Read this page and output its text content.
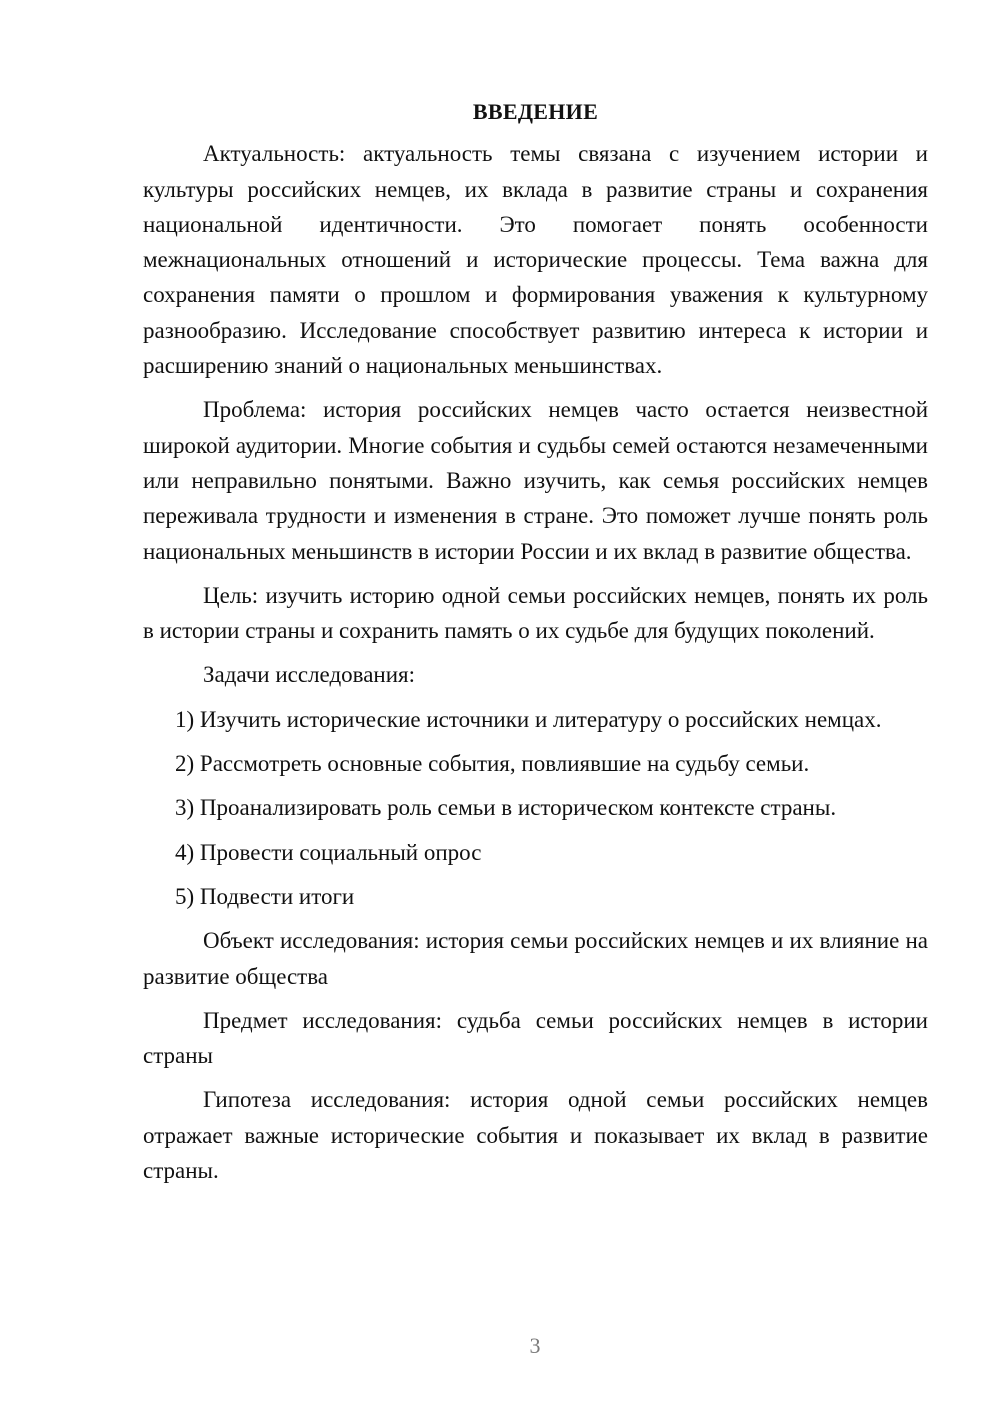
ВВЕДЕНИЕ

Актуальность: актуальность темы связана с изучением истории и культуры российских немцев, их вклада в развитие страны и сохранения национальной идентичности. Это помогает понять особенности межнациональных отношений и исторические процессы. Тема важна для сохранения памяти о прошлом и формирования уважения к культурному разнообразию. Исследование способствует развитию интереса к истории и расширению знаний о национальных меньшинствах.

Проблема: история российских немцев часто остается неизвестной широкой аудитории. Многие события и судьбы семей остаются незамеченными или неправильно понятыми. Важно изучить, как семья российских немцев переживала трудности и изменения в стране. Это поможет лучше понять роль национальных меньшинств в истории России и их вклад в развитие общества.

Цель: изучить историю одной семьи российских немцев, понять их роль в истории страны и сохранить память о их судьбе для будущих поколений.

Задачи исследования:

1) Изучить исторические источники и литературу о российских немцах.

2) Рассмотреть основные события, повлиявшие на судьбу семьи.

3) Проанализировать роль семьи в историческом контексте страны.

4) Провести социальный опрос

5) Подвести итоги

Объект исследования: история семьи российских немцев и их влияние на развитие общества

Предмет исследования: судьба семьи российских немцев в истории страны

Гипотеза исследования: история одной семьи российских немцев отражает важные исторические события и показывает их вклад в развитие страны.

3
